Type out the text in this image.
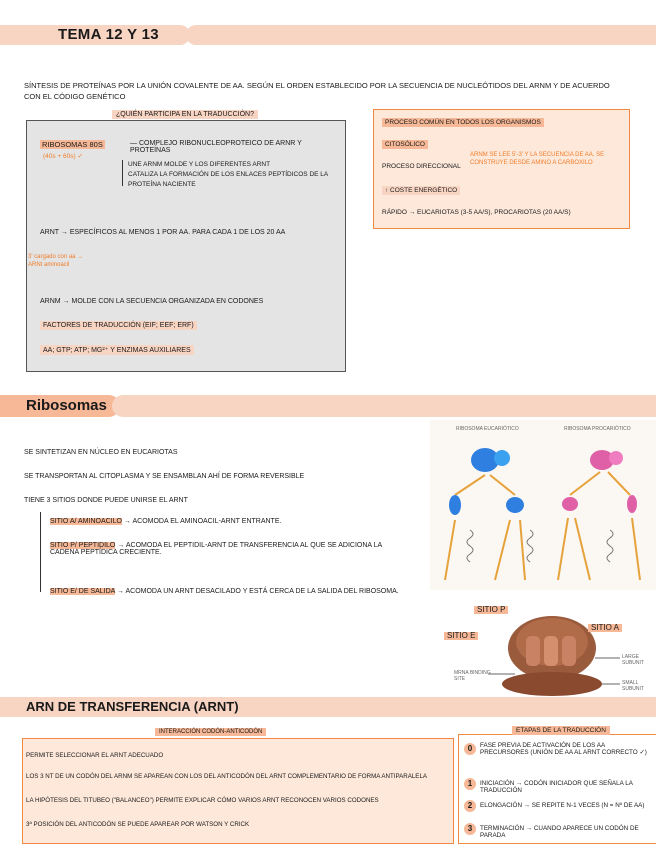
TEMA 12 Y 13
SÍNTESIS DE PROTEÍNAS POR LA UNIÓN COVALENTE DE AA. SEGÚN EL ORDEN ESTABLECIDO POR LA SECUENCIA DE NUCLEÓTIDOS DEL ARNM Y DE ACUERDO CON EL CÓDIGO GENÉTICO
¿QUIÉN PARTICIPA EN LA TRADUCCIÓN?
RIBOSOMAS 80S
(40s + 60s) ✓
— COMPLEJO RIBONUCLEOPROTEICO DE ARNR Y PROTEÍNAS
UNE ARNM MOLDE Y LOS DIFERENTES ARNT
CATALIZA LA FORMACIÓN DE LOS ENLACES PEPTÍDICOS DE LA PROTEÍNA NACIENTE
ARNT → ESPECÍFICOS AL MENOS 1 POR AA. PARA CADA 1 DE LOS 20 AA
3' cargado con aa → ARNt aminoacil
ARNM → MOLDE CON LA SECUENCIA ORGANIZADA EN CODONES
FACTORES DE TRADUCCIÓN (EIF; EEF; ERF)
AA; GTP; ATP; MG²⁺ Y ENZIMAS AUXILIARES
PROCESO COMÚN EN TODOS LOS ORGANISMOS
CITOSÓLICO
PROCESO DIRECCIONAL
ARNM SE LEE 5'-3' Y LA SECUENCIA DE AA. SE CONSTRUYE DESDE AMINO A CARBOXILO
↑ COSTE ENERGÉTICO
RÁPIDO → EUCARIOTAS (3-5 AA/S), PROCARIOTAS (20 AA/S)
Ribosomas
SE SINTETIZAN EN NÚCLEO EN EUCARIOTAS
SE TRANSPORTAN AL CITOPLASMA Y SE ENSAMBLAN AHÍ DE FORMA REVERSIBLE
TIENE 3 SITIOS DONDE PUEDE UNIRSE EL ARNT
SITIO A/ AMINOACILO → ACOMODA EL AMINOACIL-ARNT ENTRANTE.
SITIO P/ PEPTIDILO → ACOMODA EL PEPTIDIL-ARNT DE TRANSFERENCIA AL QUE SE ADICIONA LA CADENA PEPTÍDICA CRECIENTE.
SITIO E/ DE SALIDA → ACOMODA UN ARNT DESACILADO Y ESTÁ CERCA DE LA SALIDA DEL RIBOSOMA.
RIBOSOMA EUCARIÓTICO	RIBOSOMA PROCARIÓTICO
SITIO P
SITIO E
SITIO A
LARGE SUBUNIT
SMALL SUBUNIT
MRNA BINDING SITE
ARN DE TRANSFERENCIA (ARNT)
INTERACCIÓN CODÓN-ANTICODÓN
PERMITE SELECCIONAR EL ARNT ADECUADO
LOS 3 NT DE UN CODÓN DEL ARNM SE APAREAN CON LOS DEL ANTICODÓN DEL ARNT COMPLEMENTARIO DE FORMA ANTIPARALELA
LA HIPÓTESIS DEL TITUBEO ("BALANCEO") PERMITE EXPLICAR CÓMO VARIOS ARNT RECONOCEN VARIOS CODONES
3ª POSICIÓN DEL ANTICODÓN SE PUEDE APAREAR POR WATSON Y CRICK
ETAPAS DE LA TRADUCCIÓN
0	FASE PREVIA DE ACTIVACIÓN DE LOS AA PRECURSORES (UNIÓN DE AA AL ARNT CORRECTO ✓)
1	INICIACIÓN → CODÓN INICIADOR QUE SEÑALA LA TRADUCCIÓN
2	ELONGACIÓN → SE REPITE N-1 VECES (N = Nº DE AA)
3	TERMINACIÓN → CUANDO APARECE UN CODÓN DE PARADA
